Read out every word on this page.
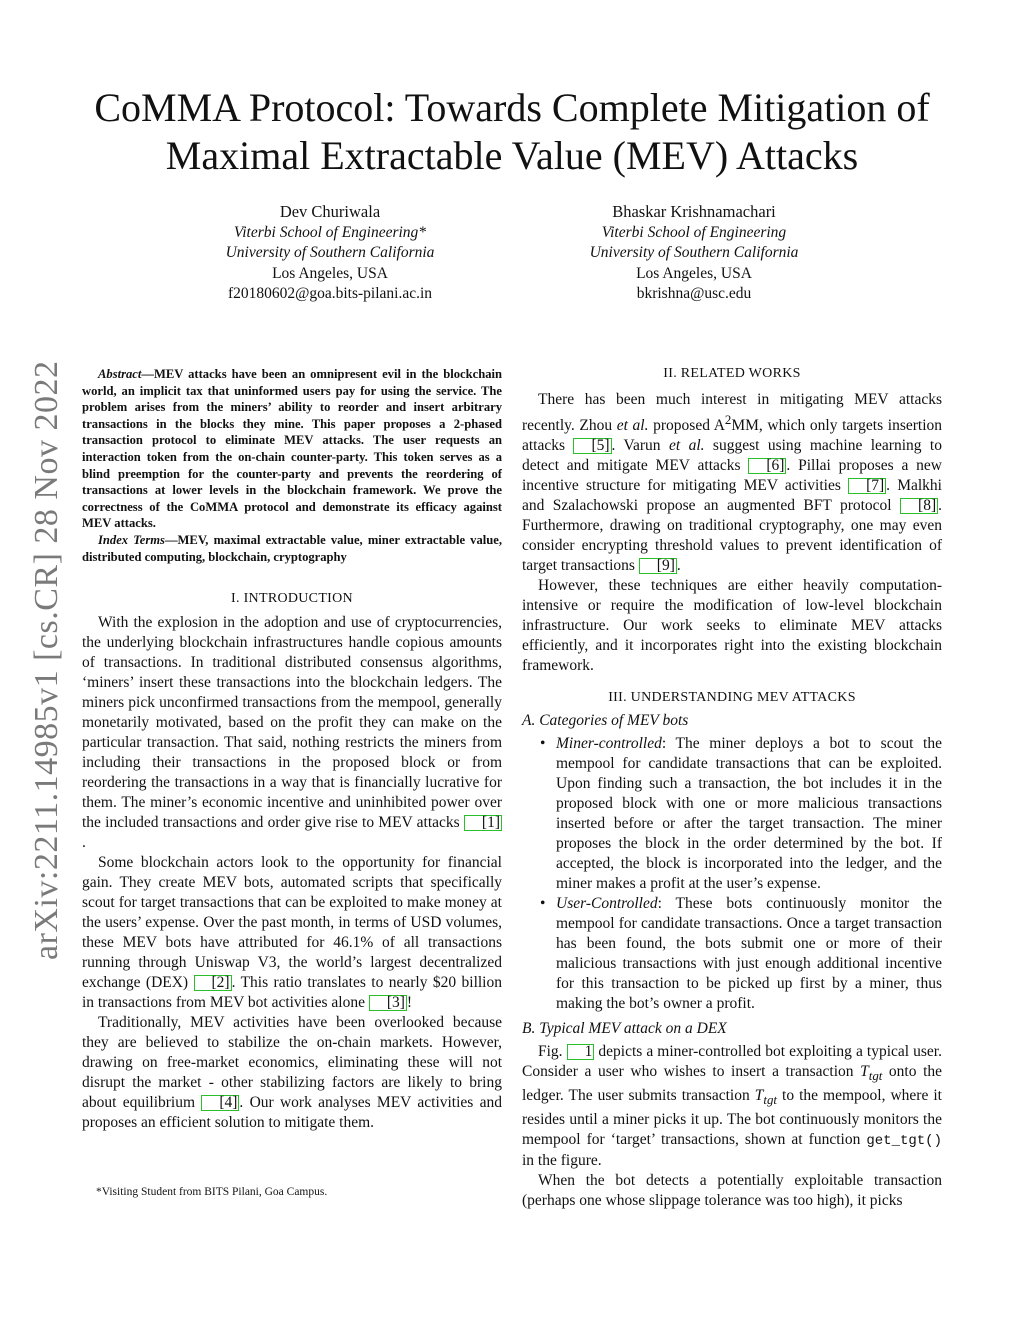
arXiv:2211.14985v1 [cs.CR] 28 Nov 2022
CoMMA Protocol: Towards Complete Mitigation of
Maximal Extractable Value (MEV) Attacks
Dev Churiwala
Viterbi School of Engineering*
University of Southern California
Los Angeles, USA
f20180602@goa.bits-pilani.ac.in
Bhaskar Krishnamachari
Viterbi School of Engineering
University of Southern California
Los Angeles, USA
bkrishna@usc.edu

Abstract—MEV attacks have been an omnipresent evil in the blockchain world, an implicit tax that uninformed users pay for using the service. The problem arises from the miners’ ability to reorder and insert arbitrary transactions in the blocks they mine. This paper proposes a 2-phased transaction protocol to eliminate MEV attacks. The user requests an interaction token from the on-chain counter-party. This token serves as a blind preemption for the counter-party and prevents the reordering of transactions at lower levels in the blockchain framework. We prove the correctness of the CoMMA protocol and demonstrate its efficacy against MEV attacks.

Index Terms—MEV, maximal extractable value, miner extractable value, distributed computing, blockchain, cryptography

I. INTRODUCTION

With the explosion in the adoption and use of cryptocurrencies, the underlying blockchain infrastructures handle copious amounts of transactions. In traditional distributed consensus algorithms, ‘miners’ insert these transactions into the blockchain ledgers. The miners pick unconfirmed transactions from the mempool, generally monetarily motivated, based on the profit they can make on the particular transaction. That said, nothing restricts the miners from including their transactions in the proposed block or from reordering the transactions in a way that is financially lucrative for them. The miner’s economic incentive and uninhibited power over the included transactions and order give rise to MEV attacks [1].

Some blockchain actors look to the opportunity for financial gain. They create MEV bots, automated scripts that specifically scout for target transactions that can be exploited to make money at the users’ expense. Over the past month, in terms of USD volumes, these MEV bots have attributed for 46.1% of all transactions running through Uniswap V3, the world’s largest decentralized exchange (DEX) [2] . This ratio translates to nearly $20 billion in transactions from MEV bot activities alone [3] !

Traditionally, MEV activities have been overlooked because they are believed to stabilize the on-chain markets. However, drawing on free-market economics, eliminating these will not disrupt the market - other stabilizing factors are likely to bring about equilibrium [4] . Our work analyses MEV activities and proposes an efficient solution to mitigate them.

*Visiting Student from BITS Pilani, Goa Campus.
II. RELATED WORKS

There has been much interest in mitigating MEV attacks recently. Zhou et al. proposed $A^2MM$, which only targets insertion attacks [5] . Varun et al. suggest using machine learning to detect and mitigate MEV attacks [6] . Pillai proposes a new incentive structure for mitigating MEV activities [7] . Malkhi and Szalachowski propose an augmented BFT protocol [8] . Furthermore, drawing on traditional cryptography, one may even consider encrypting threshold values to prevent identification of target transactions [9] .

However, these techniques are either heavily computation-intensive or require the modification of low-level blockchain infrastructure. Our work seeks to eliminate MEV attacks efficiently, and it incorporates right into the existing blockchain framework.

III. UNDERSTANDING MEV ATTACKS
A. Categories of MEV bots
• Miner-controlled: The miner deploys a bot to scout the mempool for candidate transactions that can be exploited. Upon finding such a transaction, the bot includes it in the proposed block with one or more malicious transactions inserted before or after the target transaction. The miner proposes the block in the order determined by the bot. If accepted, the block is incorporated into the ledger, and the miner makes a profit at the user’s expense.
• User-Controlled: These bots continuously monitor the mempool for candidate transactions. Once a target transaction has been found, the bots submit one or more of their malicious transactions with just enough additional incentive for this transaction to be picked up first by a miner, thus making the bot’s owner a profit.
B. Typical MEV attack on a DEX

Fig. 1 depicts a miner-controlled bot exploiting a typical user. Consider a user who wishes to insert a transaction $T_{tgt}$ onto the ledger. The user submits transaction $T_{tgt}$ to the mempool, where it resides until a miner picks it up. The bot continuously monitors the mempool for ‘target’ transactions, shown at function get_tgt() in the figure.

When the bot detects a potentially exploitable transaction (perhaps one whose slippage tolerance was too high), it picks
